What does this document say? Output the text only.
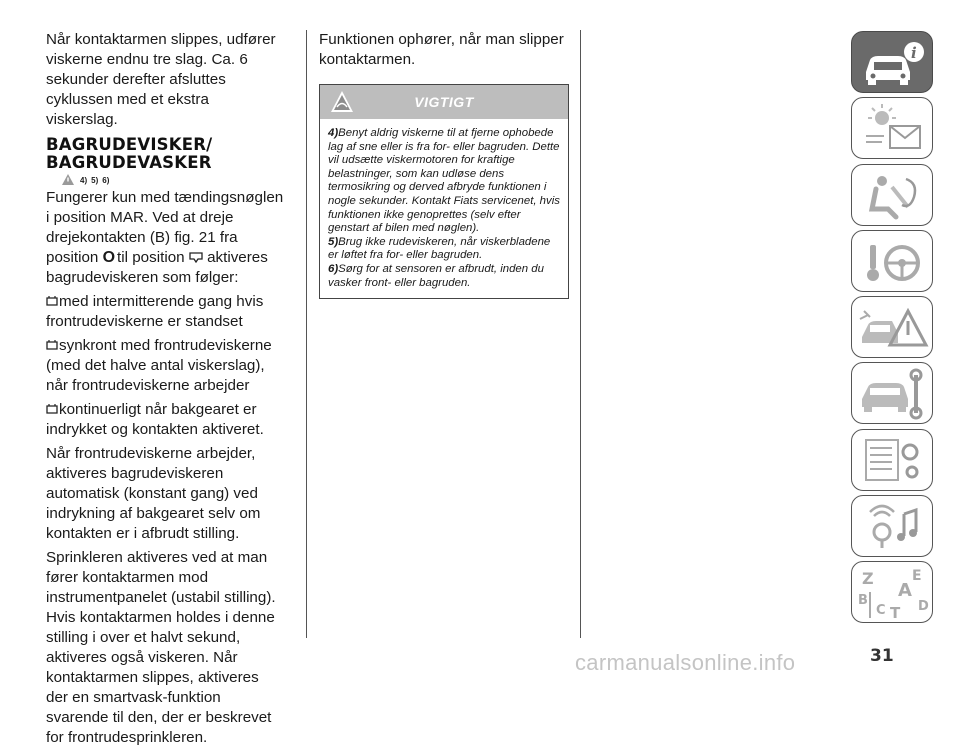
Når kontaktarmen slippes, udfører viskerne endnu tre slag. Ca. 6 sekunder derefter afsluttes cyklussen med et ekstra viskerslag.

BAGRUDEVISKER/
BAGRUDEVASKER
4) 5) 6)

Fungerer kun med tændingsnøglen i position MAR. Ved at dreje drejekontakten (B) fig. 21 fra position O til position aktiveres bagrudeviskeren som følger:

med intermitterende gang hvis frontrudeviskerne er standset

synkront med frontrudeviskerne (med det halve antal viskerslag), når frontrudeviskerne arbejder

kontinuerligt når bakgearet er indrykket og kontakten aktiveret.

Når frontrudeviskerne arbejder, aktiveres bagrudeviskeren automatisk (konstant gang) ved indrykning af bakgearet selv om kontakten er i afbrudt stilling.

Sprinkleren aktiveres ved at man fører kontaktarmen mod instrumentpanelet (ustabil stilling). Hvis kontaktarmen holdes i denne stilling i over et halvt sekund, aktiveres også viskeren. Når kontaktarmen slippes, aktiveres der en smartvask-funktion svarende til den, der er beskrevet for frontrudesprinkleren.

Funktionen ophører, når man slipper kontaktarmen.

VIGTIGT

4)Benyt aldrig viskerne til at fjerne ophobede lag af sne eller is fra for- eller bagruden. Dette vil udsætte viskermotoren for kraftige belastninger, som kan udløse dens termosikring og derved afbryde funktionen i nogle sekunder. Kontakt Fiats servicenet, hvis funktionen ikke genoprettes (selv efter genstart af bilen med nøglen).

5)Brug ikke rudeviskeren, når viskerbladene er løftet fra for- eller bagruden.

6)Sørg for at sensoren er afbrudt, inden du vasker front- eller bagruden.

i
Z	E
A
B
C D
T
31
carmanualsonline.info
